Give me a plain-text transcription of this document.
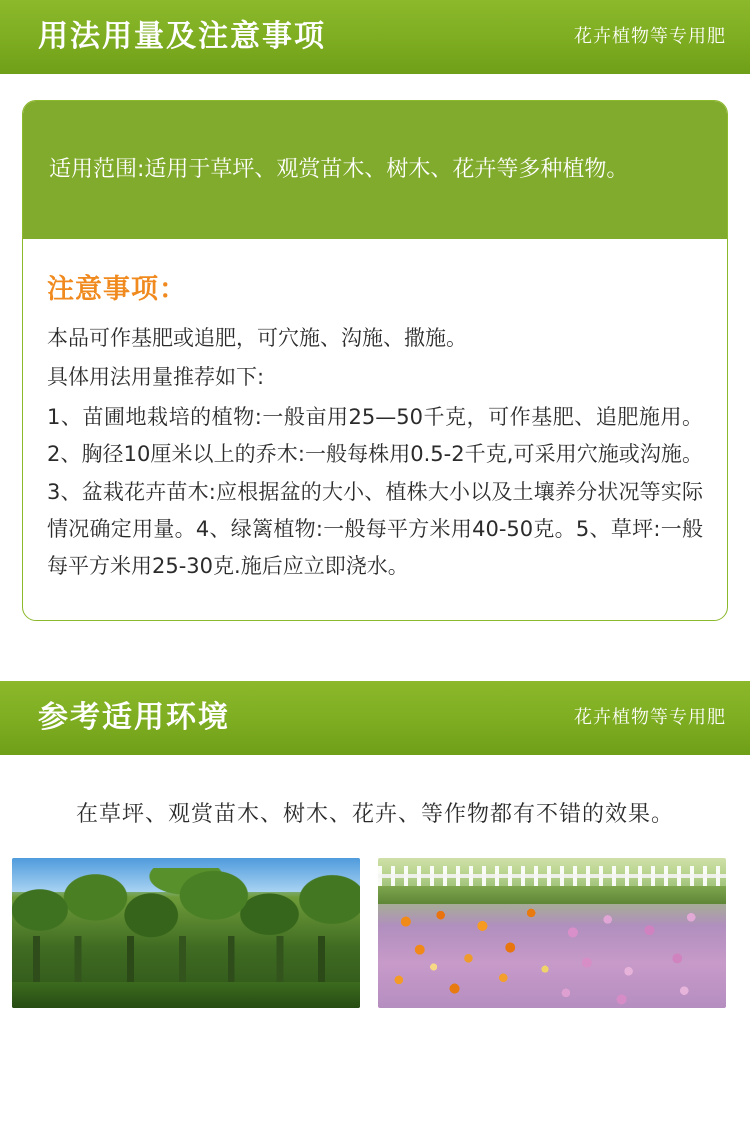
用法用量及注意事项	花卉植物等专用肥
适用范围:适用于草坪、观赏苗木、树木、花卉等多种植物。
注意事项：

本品可作基肥或追肥，可穴施、沟施、撒施。

具体用法用量推荐如下:

1、苗圃地栽培的植物:一般亩用25—50千克，可作基肥、追肥施用。2、胸径10厘米以上的乔木:一般每株用0.5-2千克,可采用穴施或沟施。3、盆栽花卉苗木:应根据盆的大小、植株大小以及土壤养分状况等实际情况确定用量。4、绿篱植物:一般每平方米用40-50克。5、草坪:一般每平方米用25-30克.施后应立即浇水。

参考适用环境	花卉植物等专用肥
在草坪、观赏苗木、树木、花卉、等作物都有不错的效果。
